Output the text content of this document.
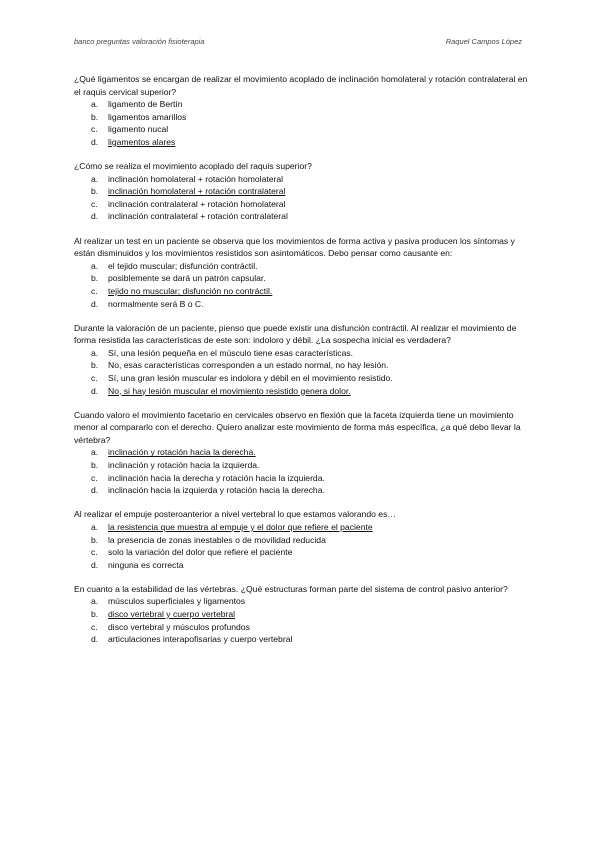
banco preguntas valoración fisioterapia	Raquel Campos López

¿Qué ligamentos se encargan de realizar el movimiento acoplado de inclinación homolateral y rotación contralateral en el raquis cervical superior?

a. ligamento de Bertín
b. ligamentos amarillos
c. ligamento nucal
d. ligamentos alares

¿Cómo se realiza el movimiento acoplado del raquis superior?

a. inclinación homolateral + rotación homolateral
b. inclinación homolateral + rotación contralateral
c. inclinación contralateral + rotación homolateral
d. inclinación contralateral + rotación contralateral

Al realizar un test en un paciente se observa que los movimientos de forma activa y pasiva producen los síntomas y están disminuidos y los movimientos resistidos son asintomáticos. Debo pensar como causante en:

a. el tejido muscular; disfunción contráctil.
b. posiblemente se dará un patrón capsular.
c. tejido no muscular; disfunción no contráctil.
d. normalmente será B o C.

Durante la valoración de un paciente, pienso que puede existir una disfunción contráctil. Al realizar el movimiento de forma resistida las características de este son: indoloro y débil. ¿La sospecha inicial es verdadera?

a. Sí, una lesión pequeña en el músculo tiene esas características.
b. No, esas características corresponden a un estado normal, no hay lesión.
c. Sí, una gran lesión muscular es indolora y débil en el movimiento resistido.
d. No, si hay lesión muscular el movimiento resistido genera dolor.

Cuando valoro el movimiento facetario en cervicales observo en flexión que la faceta izquierda tiene un movimiento menor al compararlo con el derecho. Quiero analizar este movimiento de forma más específica, ¿a qué debo llevar la vértebra?

a. inclinación y rotación hacia la derecha.
b. inclinación y rotación hacia la izquierda.
c. inclinación hacia la derecha y rotación hacia la izquierda.
d. inclinación hacia la izquierda y rotación hacia la derecha.

Al realizar el empuje posteroanterior a nivel vertebral lo que estamos valorando es…

a. la resistencia que muestra al empuje y el dolor que refiere el paciente
b. la presencia de zonas inestables o de movilidad reducida
c. solo la variación del dolor que refiere el paciente
d. ninguna es correcta

En cuanto a la estabilidad de las vértebras. ¿Qué estructuras forman parte del sistema de control pasivo anterior?

a. músculos superficiales y ligamentos
b. disco vertebral y cuerpo vertebral
c. disco vertebral y músculos profundos
d. articulaciones interapofisarias y cuerpo vertebral
